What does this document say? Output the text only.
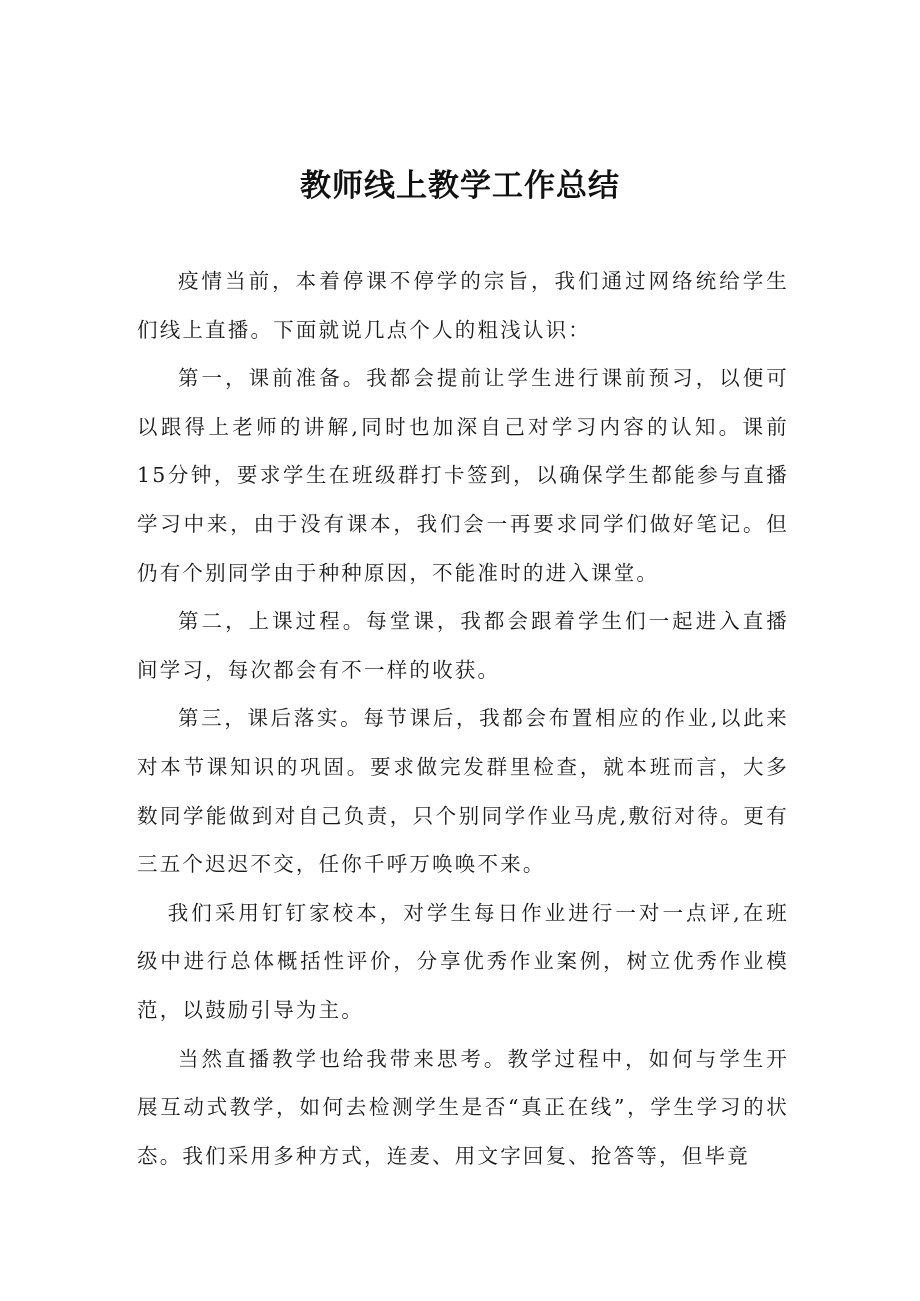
教师线上教学工作总结

疫情当前，本着停课不停学的宗旨，我们通过网络统给学生们线上直播。下面就说几点个人的粗浅认识：

第一，课前准备。我都会提前让学生进行课前预习，以便可以跟得上老师的讲解,同时也加深自己对学习内容的认知。课前15分钟，要求学生在班级群打卡签到，以确保学生都能参与直播学习中来，由于没有课本，我们会一再要求同学们做好笔记。但仍有个别同学由于种种原因，不能准时的进入课堂。

第二，上课过程。每堂课，我都会跟着学生们一起进入直播间学习，每次都会有不一样的收获。

第三，课后落实。每节课后，我都会布置相应的作业,以此来对本节课知识的巩固。要求做完发群里检查，就本班而言，大多数同学能做到对自己负责，只个别同学作业马虎,敷衍对待。更有三五个迟迟不交，任你千呼万唤唤不来。

我们采用钉钉家校本，对学生每日作业进行一对一点评,在班级中进行总体概括性评价，分享优秀作业案例，树立优秀作业模范，以鼓励引导为主。

当然直播教学也给我带来思考。教学过程中，如何与学生开展互动式教学，如何去检测学生是否“真正在线”，学生学习的状态。我们采用多种方式，连麦、用文字回复、抢答等，但毕竟
